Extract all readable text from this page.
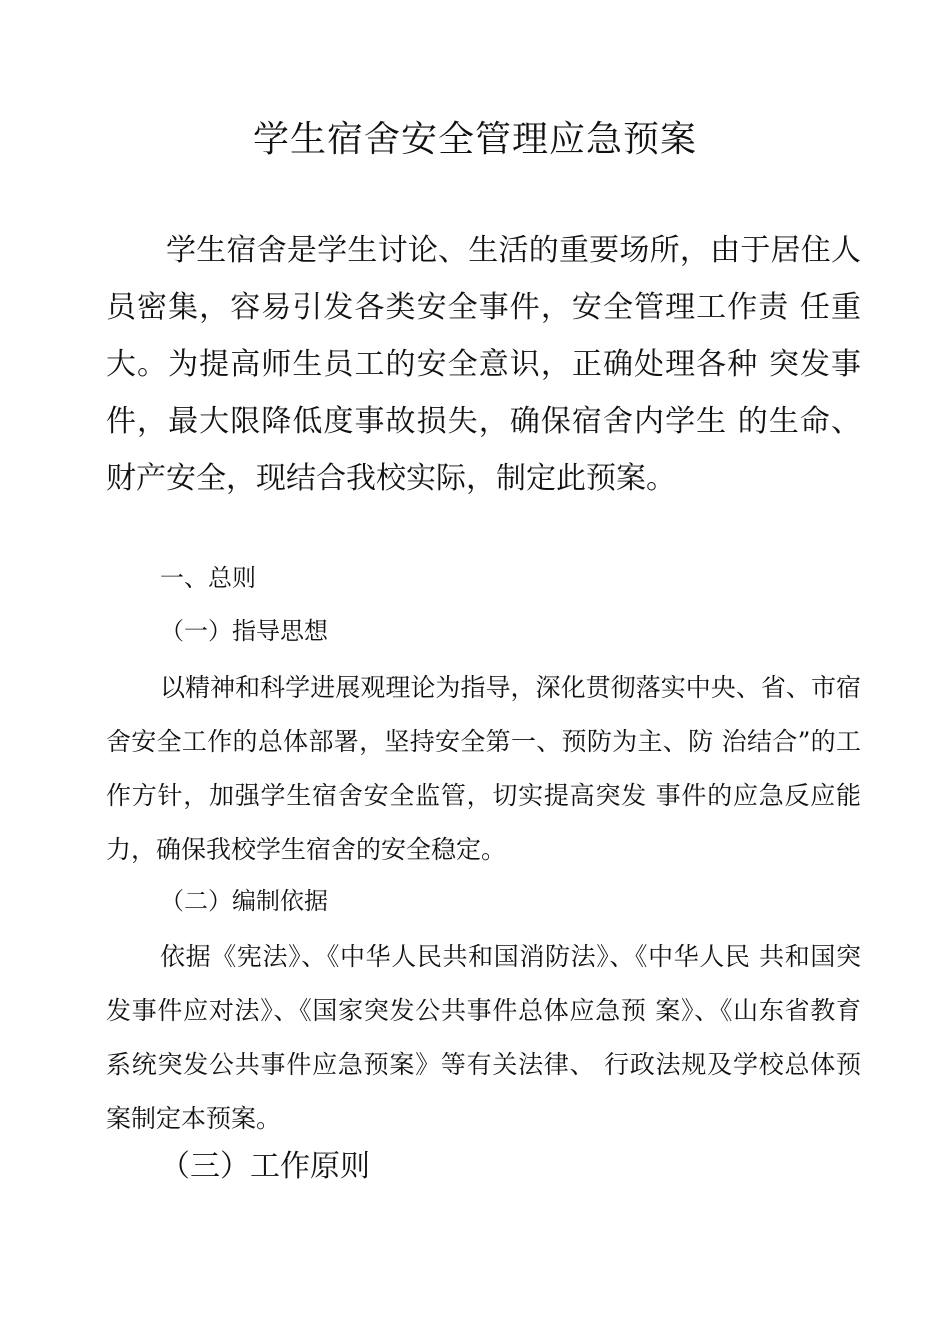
学生宿舍安全管理应急预案

学生宿舍是学生讨论、生活的重要场所，由于居住人员密集，容易引发各类安全事件，安全管理工作责 任重大。为提高师生员工的安全意识，正确处理各种 突发事件，最大限降低度事故损失，确保宿舍内学生 的生命、财产安全，现结合我校实际，制定此预案。

一、总则

（一）指导思想

以精神和科学进展观理论为指导，深化贯彻落实中央、省、市宿舍安全工作的总体部署，坚持安全第一、预防为主、防 治结合”的工作方针，加强学生宿舍安全监管，切实提高突发 事件的应急反应能力，确保我校学生宿舍的安全稳定。

（二）编制依据

依据《宪法》、《中华人民共和国消防法》、《中华人民 共和国突发事件应对法》、《国家突发公共事件总体应急预 案》、《山东省教育系统突发公共事件应急预案》等有关法律、 行政法规及学校总体预案制定本预案。

（三）工作原则
